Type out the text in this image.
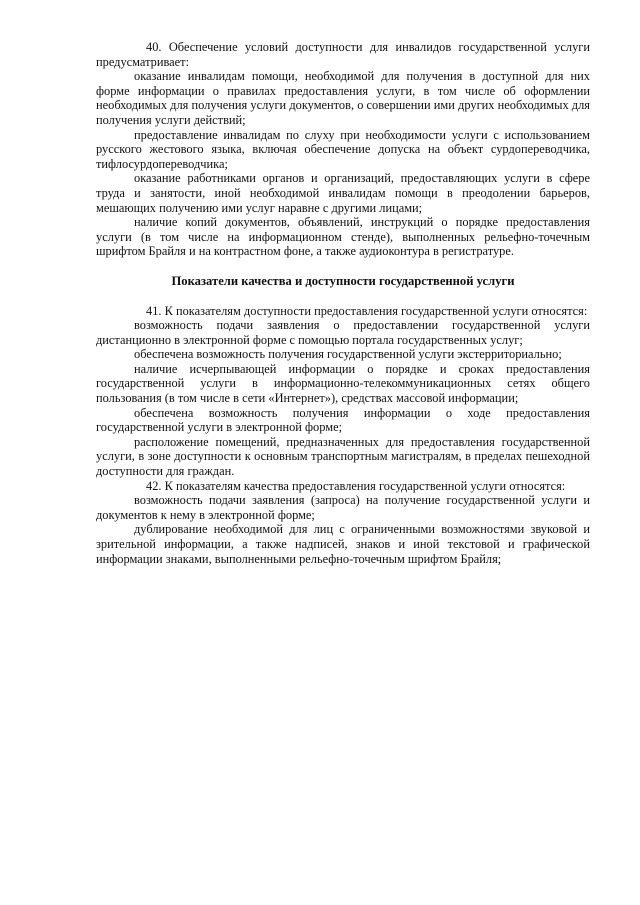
40. Обеспечение условий доступности для инвалидов государственной услуги предусматривает:

оказание инвалидам помощи, необходимой для получения в доступной для них форме информации о правилах предоставления услуги, в том числе об оформлении необходимых для получения услуги документов, о совершении ими других необходимых для получения услуги действий;

предоставление инвалидам по слуху при необходимости услуги с использованием русского жестового языка, включая обеспечение допуска на объект сурдопереводчика, тифлосурдопереводчика;

оказание работниками органов и организаций, предоставляющих услуги в сфере труда и занятости, иной необходимой инвалидам помощи в преодолении барьеров, мешающих получению ими услуг наравне с другими лицами;

наличие копий документов, объявлений, инструкций о порядке предоставления услуги (в том числе на информационном стенде), выполненных рельефно-точечным шрифтом Брайля и на контрастном фоне, а также аудиоконтура в регистратуре.

Показатели качества и доступности государственной услуги

41. К показателям доступности предоставления государственной услуги относятся:

возможность подачи заявления о предоставлении государственной услуги дистанционно в электронной форме с помощью портала государственных услуг;

обеспечена возможность получения государственной услуги экстерриториально;

наличие исчерпывающей информации о порядке и сроках предоставления государственной услуги в информационно-телекоммуникационных сетях общего пользования (в том числе в сети «Интернет»), средствах массовой информации;

обеспечена возможность получения информации о ходе предоставления государственной услуги в электронной форме;

расположение помещений, предназначенных для предоставления государственной услуги, в зоне доступности к основным транспортным магистралям, в пределах пешеходной доступности для граждан.

42. К показателям качества предоставления государственной услуги относятся:

возможность подачи заявления (запроса) на получение государственной услуги и документов к нему в электронной форме;

дублирование необходимой для лиц с ограниченными возможностями звуковой и зрительной информации, а также надписей, знаков и иной текстовой и графической информации знаками, выполненными рельефно-точечным шрифтом Брайля;
